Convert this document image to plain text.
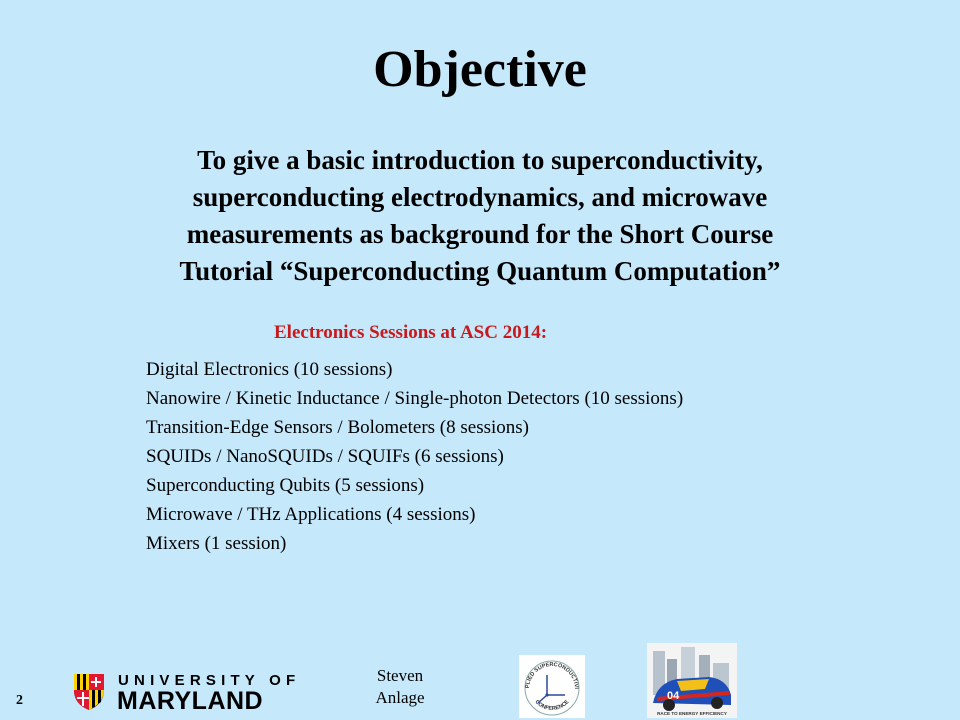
Objective
To give a basic introduction to superconductivity,
superconducting electrodynamics, and microwave
measurements as background for the Short Course
Tutorial “Superconducting Quantum Computation”
Electronics Sessions at ASC 2014:
Digital Electronics (10 sessions)
Nanowire / Kinetic Inductance / Single-photon Detectors (10 sessions)
Transition-Edge Sensors / Bolometers (8 sessions)
SQUIDs / NanoSQUIDs / SQUIFs (6 sessions)
Superconducting Qubits (5 sessions)
Microwave / THz Applications (4 sessions)
Mixers (1 session)
2
UNIVERSITY OF
MARYLAND
Steven
Anlage
PLIED SUPERCONDUCTIVI
CONFERENCE
04
RACE TO ENERGY EFFICIENCY
